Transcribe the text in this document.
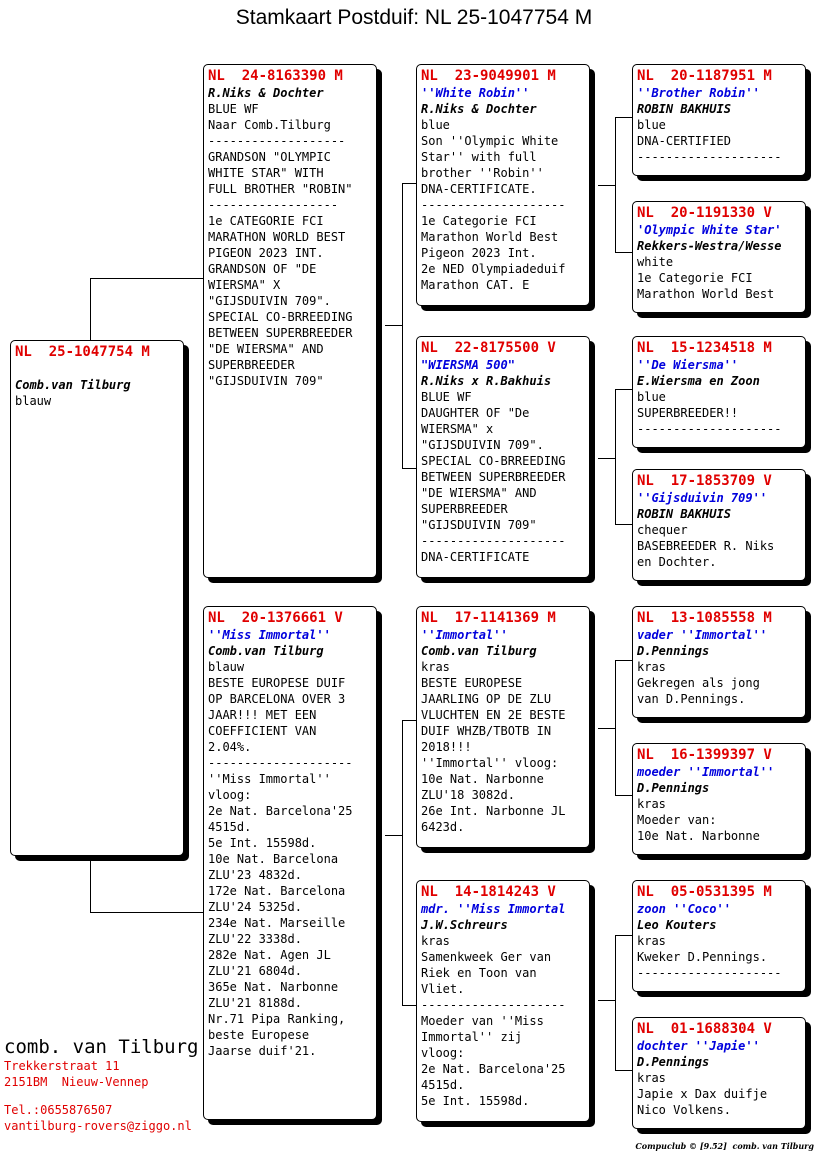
Stamkaart Postduif: NL 25-1047754 M
NL  25-1047754 M

Comb.van Tilburg
blauw
NL  24-8163390 M
R.Niks & Dochter
BLUE WF
Naar Comb.Tilburg
-------------------
GRANDSON "OLYMPIC
WHITE STAR" WITH
FULL BROTHER "ROBIN"
------------------
1e CATEGORIE FCI
MARATHON WORLD BEST
PIGEON 2023 INT.
GRANDSON OF "DE
WIERSMA" X
"GIJSDUIVIN 709".
SPECIAL CO-BRREEDING
BETWEEN SUPERBREEDER
"DE WIERSMA" AND
SUPERBREEDER
"GIJSDUIVIN 709"
NL  20-1376661 V
''Miss Immortal''
Comb.van Tilburg
blauw
BESTE EUROPESE DUIF
OP BARCELONA OVER 3
JAAR!!! MET EEN
COEFFICIENT VAN
2.04%.
--------------------
''Miss Immortal''
vloog:
2e Nat. Barcelona'25
4515d.
5e Int. 15598d.
10e Nat. Barcelona
ZLU'23 4832d.
172e Nat. Barcelona
ZLU'24 5325d.
234e Nat. Marseille
ZLU'22 3338d.
282e Nat. Agen JL
ZLU'21 6804d.
365e Nat. Narbonne
ZLU'21 8188d.
Nr.71 Pipa Ranking,
beste Europese
Jaarse duif'21.
NL  23-9049901 M
''White Robin''
R.Niks & Dochter
blue
Son ''Olympic White
Star'' with full
brother ''Robin''
DNA-CERTIFICATE.
--------------------
1e Categorie FCI
Marathon World Best
Pigeon 2023 Int.
2e NED Olympiadeduif
Marathon CAT. E
NL  22-8175500 V
"WIERSMA 500"
R.Niks x R.Bakhuis
BLUE WF
DAUGHTER OF "De
WIERSMA" x
"GIJSDUIVIN 709".
SPECIAL CO-BRREEDING
BETWEEN SUPERBREEDER
"DE WIERSMA" AND
SUPERBREEDER
"GIJSDUIVIN 709"
--------------------
DNA-CERTIFICATE
NL  17-1141369 M
''Immortal''
Comb.van Tilburg
kras
BESTE EUROPESE
JAARLING OP DE ZLU
VLUCHTEN EN 2E BESTE
DUIF WHZB/TBOTB IN
2018!!!
''Immortal'' vloog:
10e Nat. Narbonne
ZLU'18 3082d.
26e Int. Narbonne JL
6423d.
NL  14-1814243 V
mdr. ''Miss Immortal
J.W.Schreurs
kras
Samenkweek Ger van
Riek en Toon van
Vliet.
--------------------
Moeder van ''Miss
Immortal'' zij
vloog:
2e Nat. Barcelona'25
4515d.
5e Int. 15598d.
NL  20-1187951 M
''Brother Robin''
ROBIN BAKHUIS
blue
DNA-CERTIFIED
--------------------
NL  20-1191330 V
'Olympic White Star'
Rekkers-Westra/Wesse
white
1e Categorie FCI
Marathon World Best
NL  15-1234518 M
''De Wiersma''
E.Wiersma en Zoon
blue
SUPERBREEDER!!
--------------------
NL  17-1853709 V
''Gijsduivin 709''
ROBIN BAKHUIS
chequer
BASEBREEDER R. Niks
en Dochter.
NL  13-1085558 M
vader ''Immortal''
D.Pennings
kras
Gekregen als jong
van D.Pennings.
NL  16-1399397 V
moeder ''Immortal''
D.Pennings
kras
Moeder van:
10e Nat. Narbonne
NL  05-0531395 M
zoon ''Coco''
Leo Kouters
kras
Kweker D.Pennings.
--------------------
NL  01-1688304 V
dochter ''Japie''
D.Pennings
kras
Japie x Dax duifje
Nico Volkens.
comb. van Tilburg
Trekkerstraat 11
2151BM  Nieuw-Vennep
Tel.:0655876507
vantilburg-rovers@ziggo.nl
Compuclub © [9.52]  comb. van Tilburg
